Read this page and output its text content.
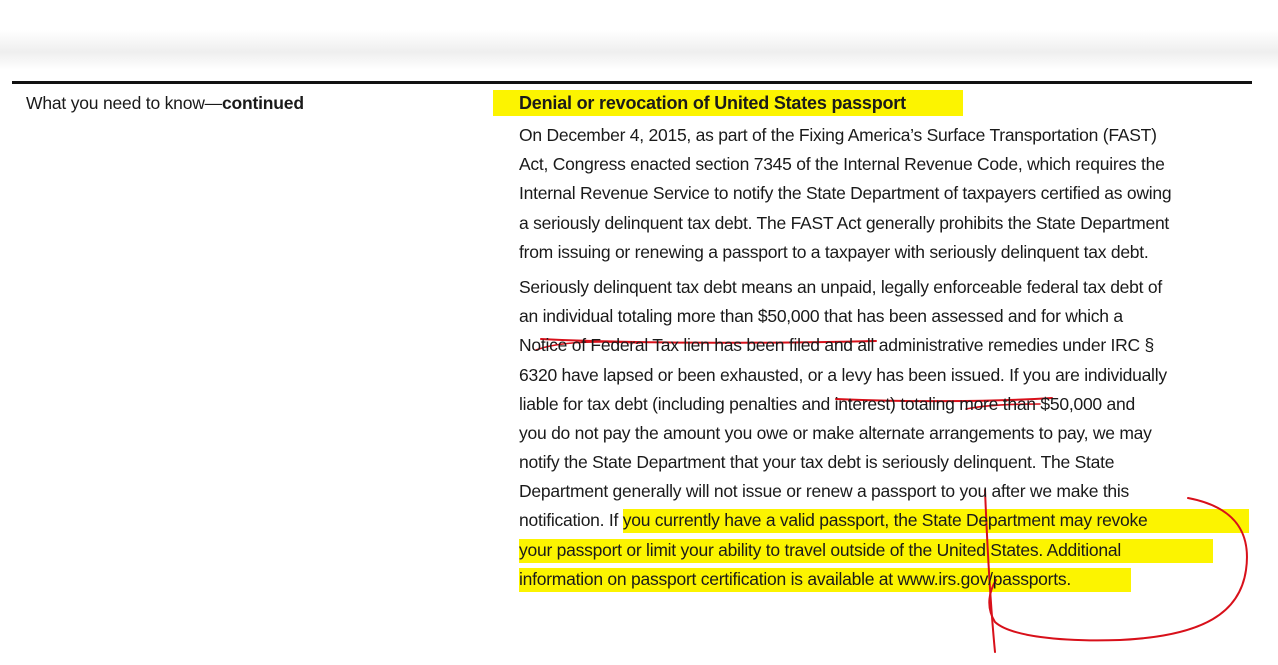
What you need to know—continued	Denial or revocation of United States passport
On December 4, 2015, as part of the Fixing America’s Surface Transportation (FAST)
Act, Congress enacted section 7345 of the Internal Revenue Code, which requires the
Internal Revenue Service to notify the State Department of taxpayers certified as owing
a seriously delinquent tax debt. The FAST Act generally prohibits the State Department
from issuing or renewing a passport to a taxpayer with seriously delinquent tax debt.
Seriously delinquent tax debt means an unpaid, legally enforceable federal tax debt of
an individual totaling more than $50,000 that has been assessed and for which a
Notice of Federal Tax lien has been filed and all administrative remedies under IRC §
6320 have lapsed or been exhausted, or a levy has been issued. If you are individually
liable for tax debt (including penalties and interest) totaling more than $50,000 and
you do not pay the amount you owe or make alternate arrangements to pay, we may
notify the State Department that your tax debt is seriously delinquent. The State
Department generally will not issue or renew a passport to you after we make this
notification. If you currently have a valid passport, the State Department may revoke
your passport or limit your ability to travel outside of the United States. Additional
information on passport certification is available at www.irs.gov/passports.
